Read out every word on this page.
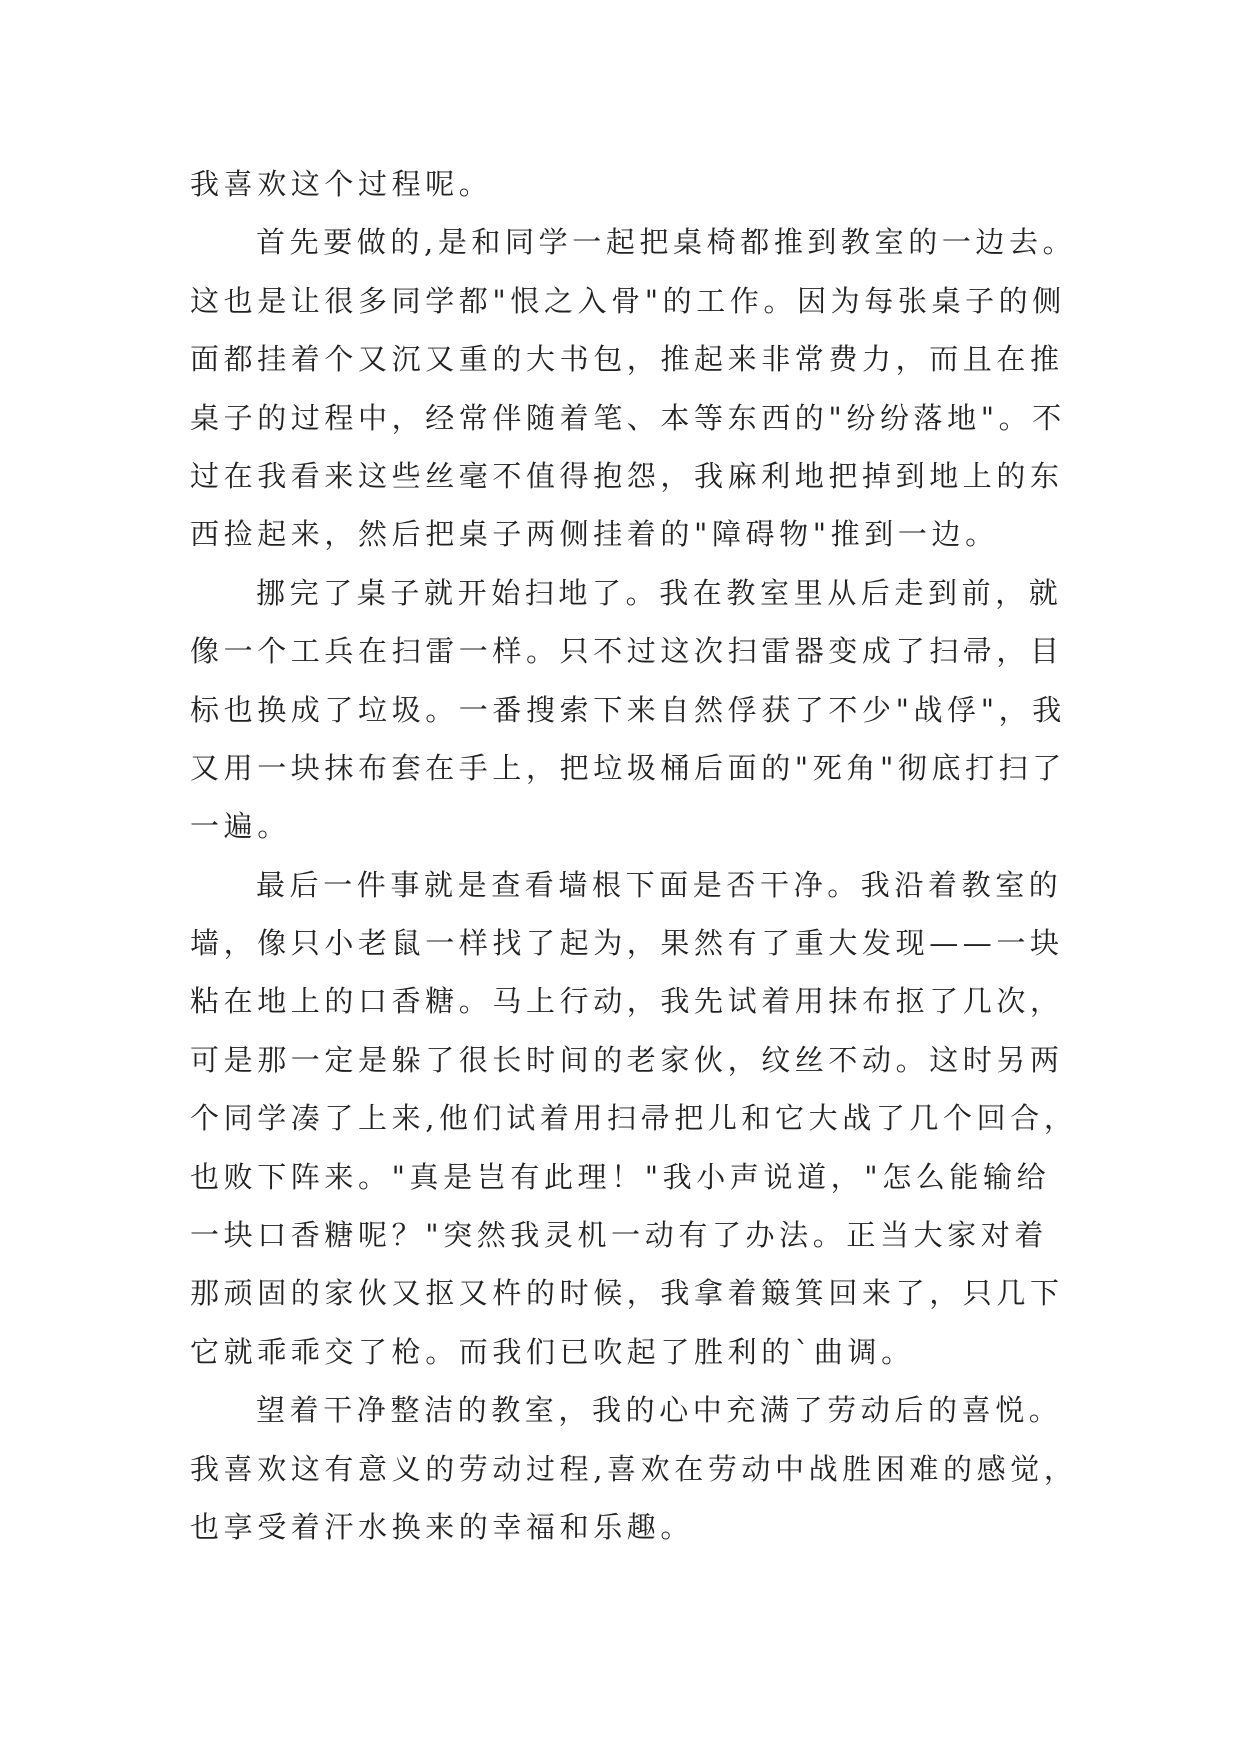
我喜欢这个过程呢。
首先要做的,是和同学一起把桌椅都推到教室的一边去。
这也是让很多同学都"恨之入骨"的工作。因为每张桌子的侧
面都挂着个又沉又重的大书包，推起来非常费力，而且在推
桌子的过程中，经常伴随着笔、本等东西的"纷纷落地"。不
过在我看来这些丝毫不值得抱怨，我麻利地把掉到地上的东
西捡起来，然后把桌子两侧挂着的"障碍物"推到一边。
挪完了桌子就开始扫地了。我在教室里从后走到前，就
像一个工兵在扫雷一样。只不过这次扫雷器变成了扫帚，目
标也换成了垃圾。一番搜索下来自然俘获了不少"战俘"，我
又用一块抹布套在手上，把垃圾桶后面的"死角"彻底打扫了
一遍。
最后一件事就是查看墙根下面是否干净。我沿着教室的
墙，像只小老鼠一样找了起为，果然有了重大发现——一块
粘在地上的口香糖。马上行动，我先试着用抹布抠了几次，
可是那一定是躲了很长时间的老家伙，纹丝不动。这时另两
个同学凑了上来,他们试着用扫帚把儿和它大战了几个回合，
也败下阵来。"真是岂有此理！"我小声说道，"怎么能输给
一块口香糖呢？"突然我灵机一动有了办法。正当大家对着
那顽固的家伙又抠又杵的时候，我拿着簸箕回来了，只几下
它就乖乖交了枪。而我们已吹起了胜利的`曲调。
望着干净整洁的教室，我的心中充满了劳动后的喜悦。
我喜欢这有意义的劳动过程,喜欢在劳动中战胜困难的感觉，
也享受着汗水换来的幸福和乐趣。
